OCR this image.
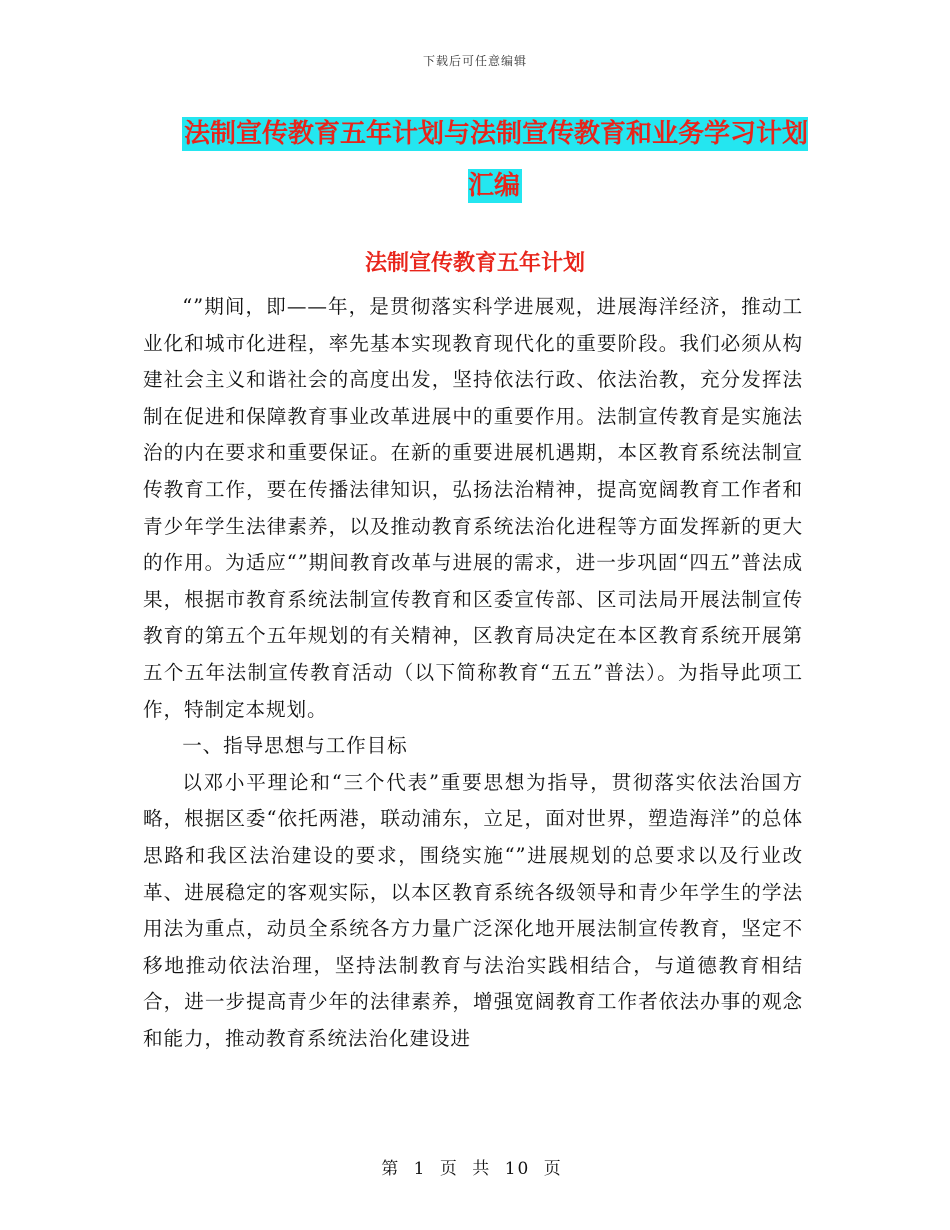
下载后可任意编辑
法制宣传教育五年计划与法制宣传教育和业务学习计划汇编
法制宣传教育五年计划

“”期间，即——年，是贯彻落实科学进展观，进展海洋经济，推动工业化和城市化进程，率先基本实现教育现代化的重要阶段。我们必须从构建社会主义和谐社会的高度出发，坚持依法行政、依法治教，充分发挥法制在促进和保障教育事业改革进展中的重要作用。法制宣传教育是实施法治的内在要求和重要保证。在新的重要进展机遇期，本区教育系统法制宣传教育工作，要在传播法律知识，弘扬法治精神，提高宽阔教育工作者和青少年学生法律素养，以及推动教育系统法治化进程等方面发挥新的更大的作用。为适应“”期间教育改革与进展的需求，进一步巩固“四五”普法成果，根据市教育系统法制宣传教育和区委宣传部、区司法局开展法制宣传教育的第五个五年规划的有关精神，区教育局决定在本区教育系统开展第五个五年法制宣传教育活动（以下简称教育“五五”普法）。为指导此项工作，特制定本规划。

一、指导思想与工作目标

以邓小平理论和“三个代表”重要思想为指导，贯彻落实依法治国方略，根据区委“依托两港，联动浦东，立足，面对世界，塑造海洋”的总体思路和我区法治建设的要求，围绕实施“”进展规划的总要求以及行业改革、进展稳定的客观实际，以本区教育系统各级领导和青少年学生的学法用法为重点，动员全系统各方力量广泛深化地开展法制宣传教育，坚定不移地推动依法治理，坚持法制教育与法治实践相结合，与道德教育相结合，进一步提高青少年的法律素养，增强宽阔教育工作者依法办事的观念和能力，推动教育系统法治化建设进

第 1 页 共 10 页
